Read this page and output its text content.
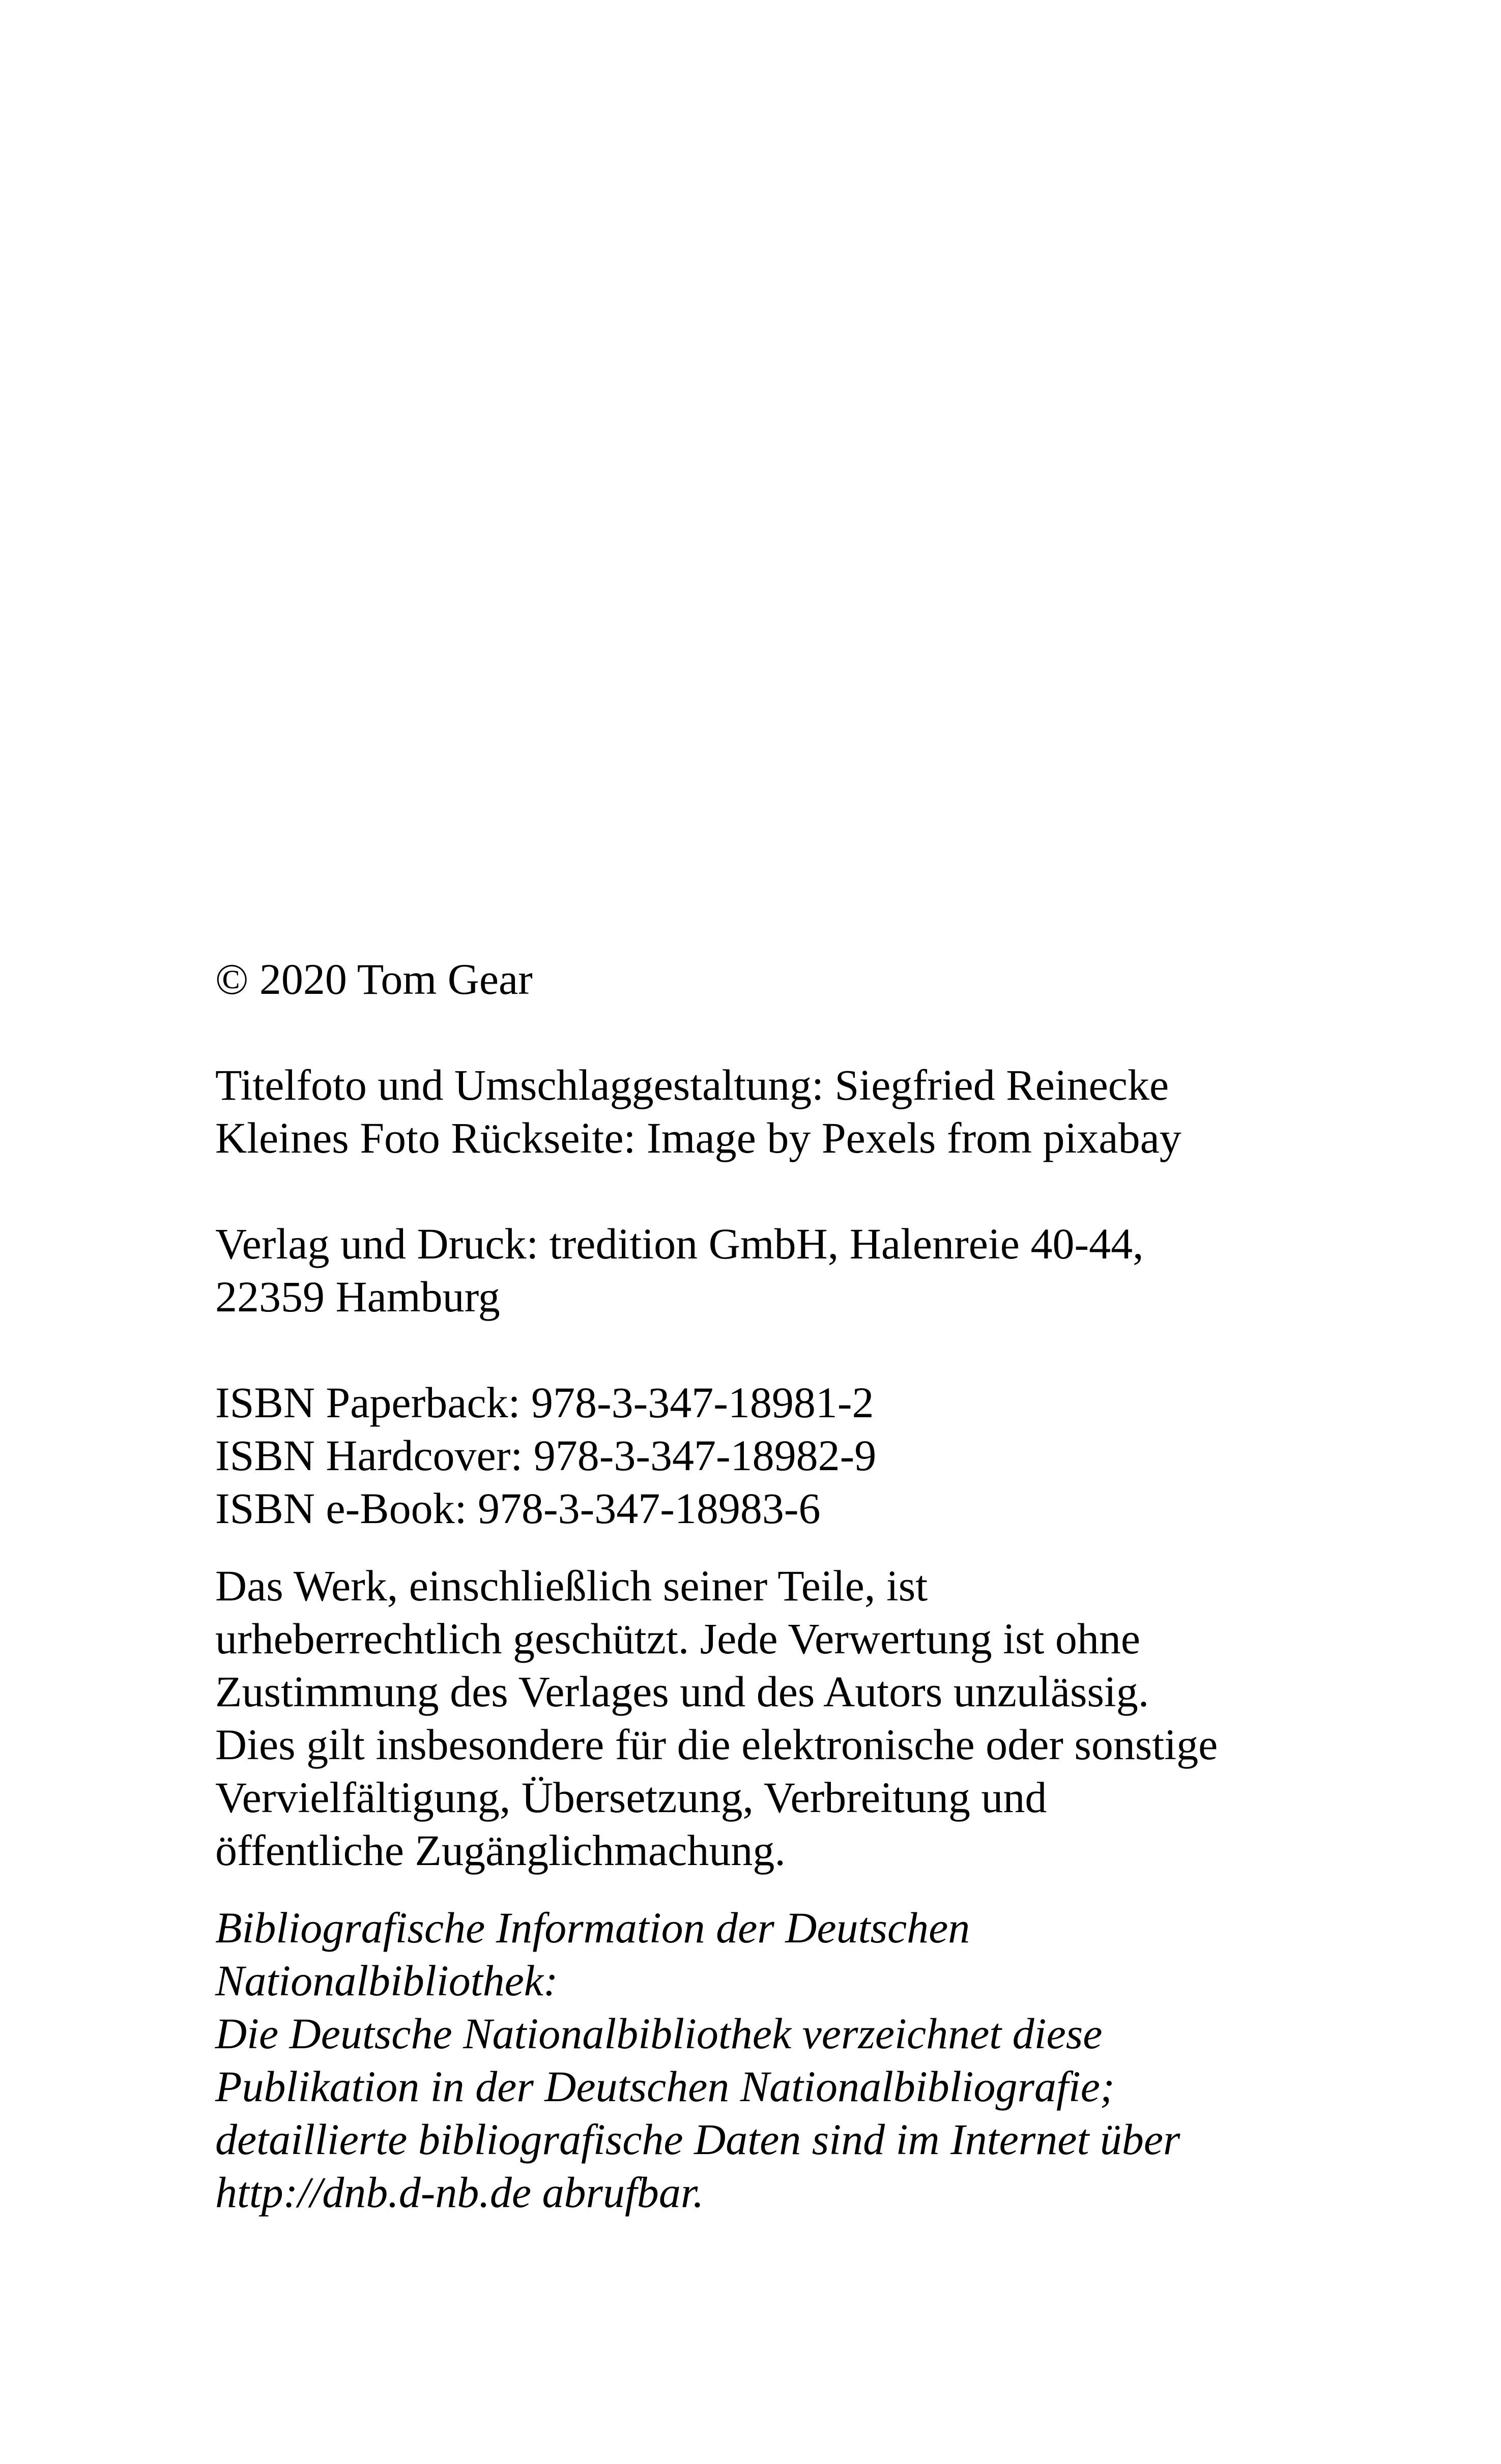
© 2020 Tom Gear
Titelfoto und Umschlaggestaltung: Siegfried Reinecke
Kleines Foto Rückseite: Image by Pexels from pixabay
Verlag und Druck: tredition GmbH, Halenreie 40-44,
22359 Hamburg
ISBN Paperback: 978-3-347-18981-2
ISBN Hardcover: 978-3-347-18982-9
ISBN e-Book: 978-3-347-18983-6
Das Werk, einschließlich seiner Teile, ist
urheberrechtlich geschützt. Jede Verwertung ist ohne
Zustimmung des Verlages und des Autors unzulässig.
Dies gilt insbesondere für die elektronische oder sonstige
Vervielfältigung, Übersetzung, Verbreitung und
öffentliche Zugänglichmachung.
Bibliografische Information der Deutschen
Nationalbibliothek:
Die Deutsche Nationalbibliothek verzeichnet diese
Publikation in der Deutschen Nationalbibliografie;
detaillierte bibliografische Daten sind im Internet über
http://dnb.d-nb.de abrufbar.
